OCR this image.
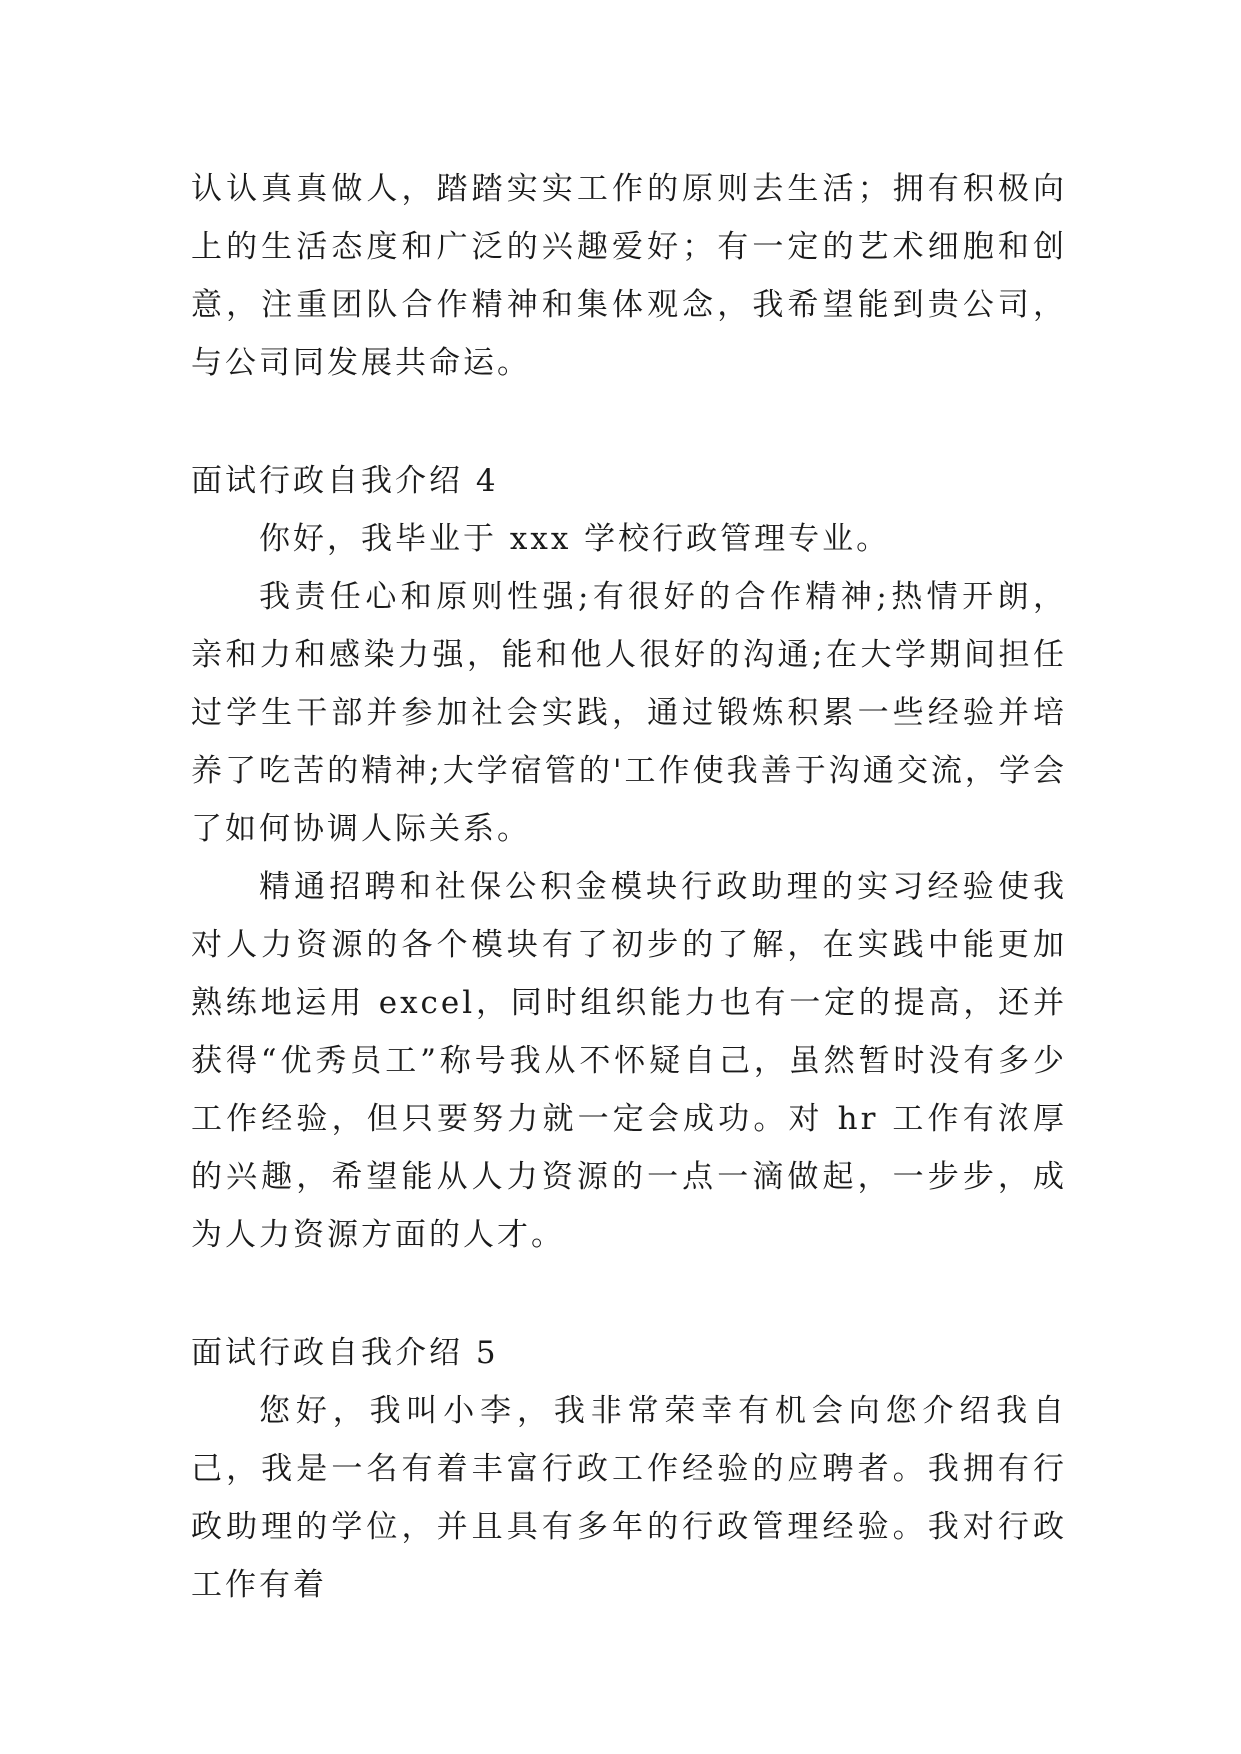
认认真真做人，踏踏实实工作的原则去生活；拥有积极向上的生活态度和广泛的兴趣爱好；有一定的艺术细胞和创意，注重团队合作精神和集体观念，我希望能到贵公司，与公司同发展共命运。

面试行政自我介绍 4

你好，我毕业于 xxx 学校行政管理专业。

我责任心和原则性强;有很好的合作精神;热情开朗，亲和力和感染力强，能和他人很好的沟通;在大学期间担任过学生干部并参加社会实践，通过锻炼积累一些经验并培养了吃苦的精神;大学宿管的'工作使我善于沟通交流，学会了如何协调人际关系。

精通招聘和社保公积金模块行政助理的实习经验使我对人力资源的各个模块有了初步的了解，在实践中能更加熟练地运用 excel，同时组织能力也有一定的提高，还并获得“优秀员工”称号我从不怀疑自己，虽然暂时没有多少工作经验，但只要努力就一定会成功。对 hr 工作有浓厚的兴趣，希望能从人力资源的一点一滴做起，一步步，成为人力资源方面的人才。

面试行政自我介绍 5

您好，我叫小李，我非常荣幸有机会向您介绍我自己，我是一名有着丰富行政工作经验的应聘者。我拥有行政助理的学位，并且具有多年的行政管理经验。我对行政工作有着
